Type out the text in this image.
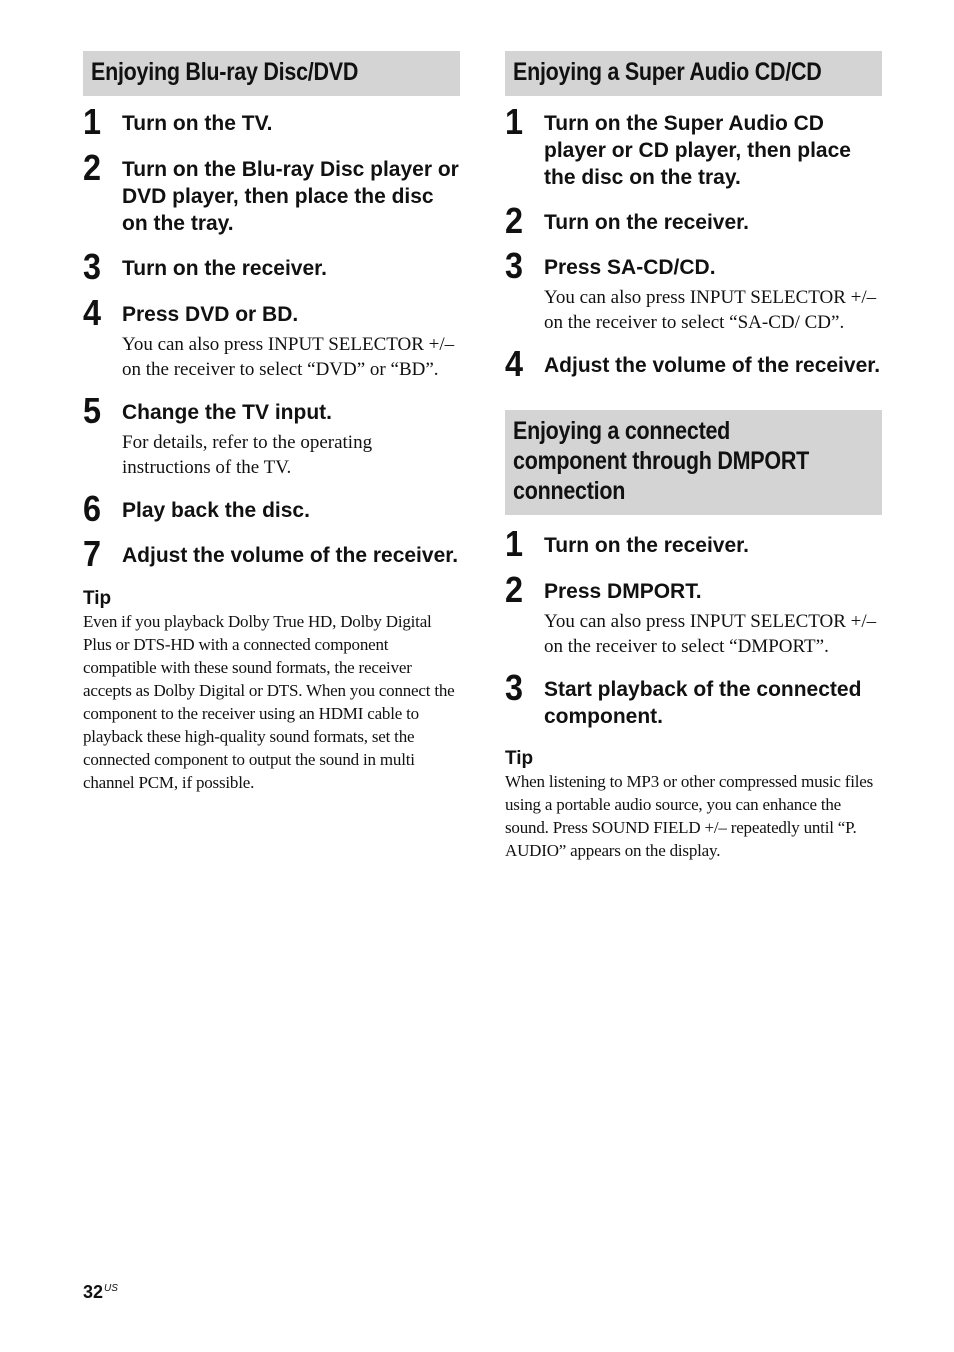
Enjoying Blu-ray Disc/DVD
1 Turn on the TV.
2 Turn on the Blu-ray Disc player or DVD player, then place the disc on the tray.
3 Turn on the receiver.
4 Press DVD or BD.
You can also press INPUT SELECTOR +/– on the receiver to select “DVD” or “BD”.
5 Change the TV input.
For details, refer to the operating instructions of the TV.
6 Play back the disc.
7 Adjust the volume of the receiver.
Tip
Even if you playback Dolby True HD, Dolby Digital Plus or DTS-HD with a connected component compatible with these sound formats, the receiver accepts as Dolby Digital or DTS. When you connect the component to the receiver using an HDMI cable to playback these high-quality sound formats, set the connected component to output the sound in multi channel PCM, if possible.
Enjoying a Super Audio CD/CD
1 Turn on the Super Audio CD player or CD player, then place the disc on the tray.
2 Turn on the receiver.
3 Press SA-CD/CD.
You can also press INPUT SELECTOR +/– on the receiver to select “SA-CD/ CD”.
4 Adjust the volume of the receiver.
Enjoying a connected
component through DMPORT
connection
1 Turn on the receiver.
2 Press DMPORT.
You can also press INPUT SELECTOR +/– on the receiver to select “DMPORT”.
3 Start playback of the connected component.
Tip
When listening to MP3 or other compressed music files using a portable audio source, you can enhance the sound. Press SOUND FIELD +/– repeatedly until “P. AUDIO” appears on the display.
$32^{US}$
